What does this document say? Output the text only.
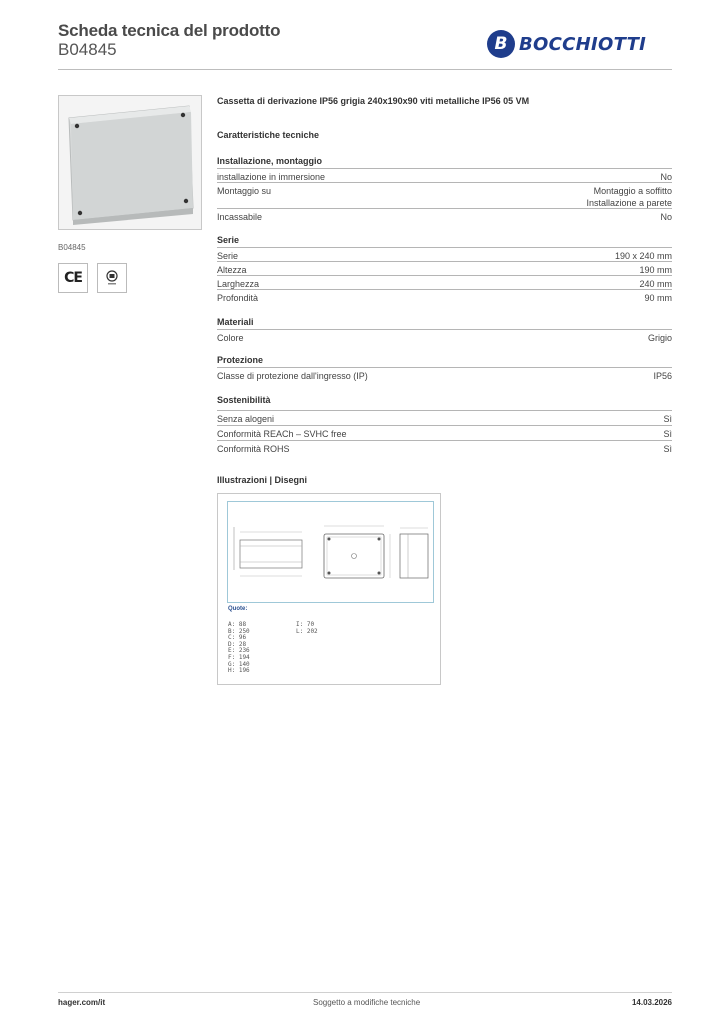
Scheda tecnica del prodotto
B04845	B BOCCHIOTTI
B04845
CE
Cassetta di derivazione IP56 grigia 240x190x90 viti metalliche IP56 05 VM
Caratteristiche tecniche
Installazione, montaggio
installazione in immersione	No
Montaggio su	Montaggio a soffitto
Installazione a parete
Incassabile	No
Serie
Serie	190 x 240 mm
Altezza	190 mm
Larghezza	240 mm
Profondità	90 mm
Materiali
Colore	Grigio
Protezione
Classe di protezione dall'ingresso (IP)	IP56
Sostenibilità
Senza alogeni	Sì
Conformità REACh – SVHC free	Sì
Conformità ROHS	Sì
Illustrazioni | Disegni
Quote:
A: 88
B: 250
C: 96
D: 28
E: 236
F: 194
G: 140
H: 196
I: 70
L: 202
hager.com/it	Soggetto a modifiche tecniche	14.03.2026
